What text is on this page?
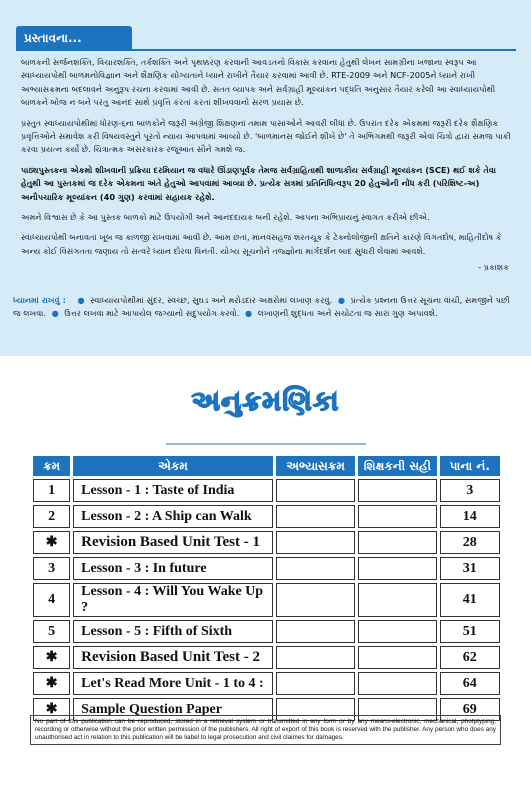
પ્રસ્તાવના...

બાળકની સર્જનશક્તિ, વિચારશક્તિ, તર્કશક્તિ અને પૃથક્કરણ કરવાની આવડતનો વિકાસ કરવાના હેતુથી લેખન સામગ્રીના ખજાના સ્વરૂપ આ સ્વાધ્યાયપોથી બાળમનોવિજ્ઞાન અને શૈક્ષણિક યોગ્યતાને ધ્યાને રાખીને તૈયાર કરવામાં આવી છે. RTE-2009 અને NCF-2005ને ધ્યાને રાખી અભ્યાસક્રમના બદલાવને અનુરૂપ રચના કરવામાં આવી છે. સતત વ્યાપક અને સર્વગ્રાહી મૂલ્યાંકન પદ્ધતિ અનુસાર તૈયાર કરેલી આ સ્વાધ્યાયપોથી બાળકને બોજ ન બને પરંતુ આનંદ સાથે પ્રવૃત્તિ કરતાં કરતાં શીખવવાનો સરળ પ્રયાસ છે.

પ્રસ્તુત સ્વાધ્યાયપોથીમાં ધોરણ-૬ના બાળકોને જરૂરી અંગ્રેજી શિક્ષણનાં તમામ પાસાંઓને આવરી લીધાં છે. ઉપરાંત દરેક એકમમાં જરૂરી દરેક શૈક્ષણિક પ્રવૃત્તિઓને સમાવેશ કરી વિષયવસ્તુને પૂરતો ન્યાય આપવામાં આવ્યો છે. 'બાળમાનસ જોઈને શીખે છે' તે અભિગમથી જરૂરી એવાં ચિત્રો દ્વારા સમજ પાકી કરવા પ્રયત્ન કર્યો છે. ચિત્રાત્મક અસરકારક રજૂઆત સૌને ગમશે જ.

પાઠ્યપુસ્તકના એકમો શીખવાની પ્રક્રિયા દરમિયાન જ વધારે ઊંડાણપૂર્વક તેમજ સર્વગ્રાહિતાથી શાળાકીય સર્વગ્રાહી મૂલ્યાંકન (SCE) થઈ શકે તેવા હેતુથી આ પુસ્તકમાં જ દરેક એકમના અંતે હેતુઓ આપવામાં આવ્યા છે. પ્રત્યેક સત્રમાં પ્રતિનિધિત્વરૂપ 20 હેતુઓની નોંધ કરી (પરિશિષ્ટ-અ) અનૌપચારિક મૂલ્યાંકન (40 ગુણ) કરવામાં સહાયક રહેશે.

અમને વિશ્વાસ છે કે આ પુસ્તક બાળકો માટે ઉપયોગી અને આનંદદાયક બની રહેશે. આપના અભિપ્રાયનું સ્વાગત કરીએ છીએ.

સ્વાધ્યાયપોથી બનાવતાં ખૂબ જ કાળજી રાખવામાં આવી છે. આમ છતાં, માનવસહજ શરતચૂક કે ટેક્નોલોજીની ક્ષતિને કારણે વિગતદોષ, માહિતીદોષ કે અન્ય કોઈ વિસંગતતા જણાય તો સત્વરે ધ્યાન દોરવા વિનંતી. યોગ્ય સૂચનોને તજ્જ્ઞોના માર્ગદર્શન બાદ સુધારી લેવામાં આવશે.

- પ્રકાશક
ધ્યાનમાં રાખવું : ● સ્વાધ્યાયપોથીમાં સુંદર, સ્વચ્છ, સુઘડ અને મરોડદાર અક્ષરોમાં લખાણ કરવું. ● પ્રત્યેક પ્રશ્નના ઉત્તર સૂચના વાંચી, સમજીને પછી જ લખવા. ● ઉત્તર લખવા માટે આપાયેલ જગ્યાનો સદુપયોગ કરવો. ● લખાણની શુદ્ધતા અને સચોટતા જ સારા ગુણ અપાવશે.
અનુક્રમણિકા
ક્રમ	એકમ	અભ્યાસક્રમ	શિક્ષકની સહી	પાના નં.
1	Lesson - 1 : Taste of India			3
2	Lesson - 2 : A Ship can Walk			14
✱	Revision Based Unit Test - 1			28
3	Lesson - 3 : In future			31
4	Lesson - 4 : Will You Wake Up ?			41
5	Lesson - 5 : Fifth of Sixth			51
✱	Revision Based Unit Test - 2			62
✱	Let's Read More Unit - 1 to 4 :			64
✱	Sample Question Paper			69
No part of this publication can be reproduced, stored in a retrieval system or transmitted in any form or by any means-electronic, mechanical, photptyping, recording or otherwise without the prior written permission of the publishers. All right of export of this book is reserved with the publisher. Any person who does any unauthorised act in relation to this publication will be liabel to legal prosecution and civil claimes for damages.
